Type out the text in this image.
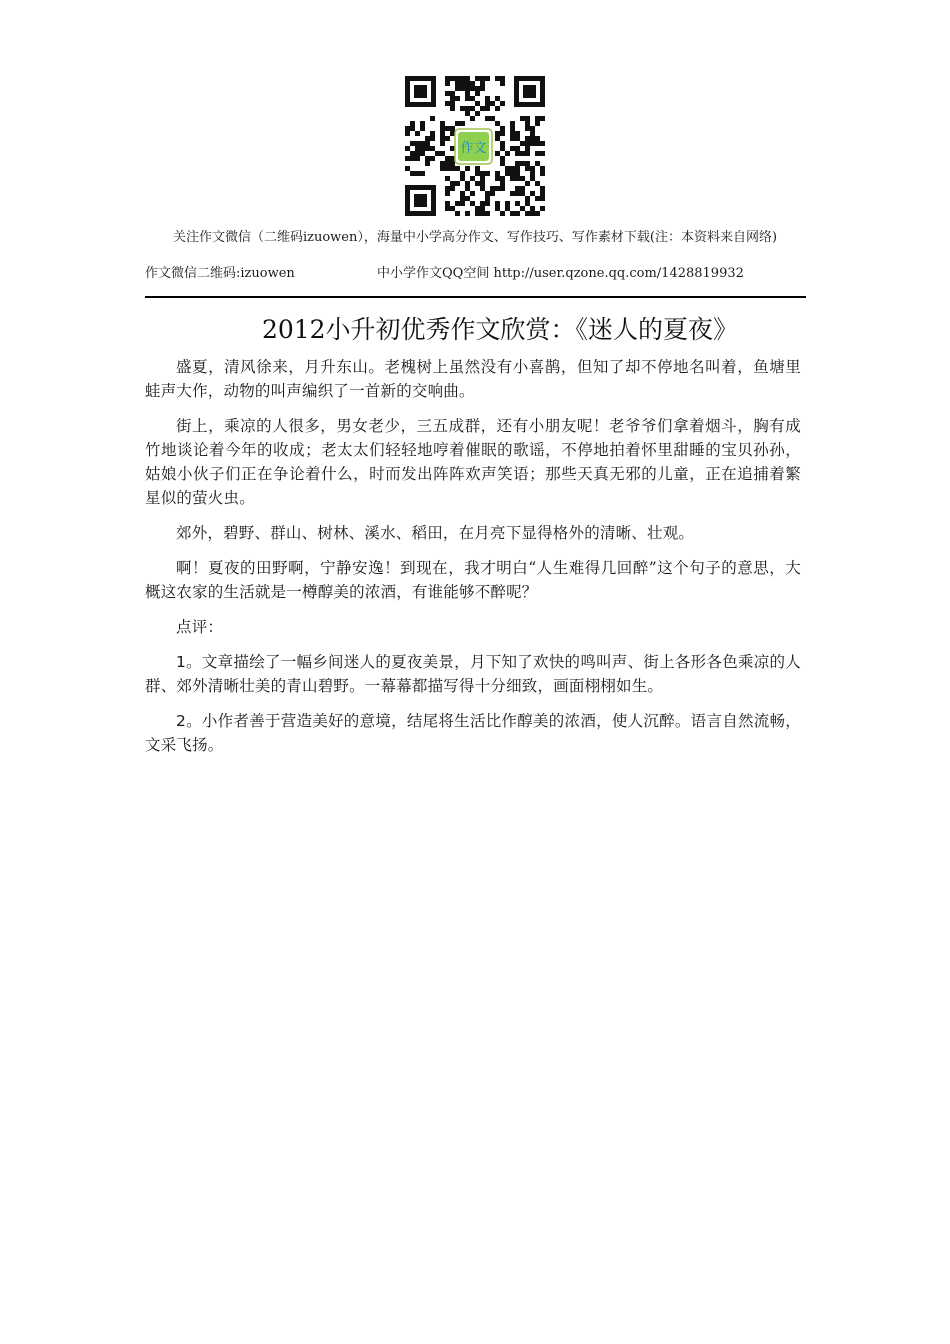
作文
关注作文微信（二维码izuowen），海量中小学高分作文、写作技巧、写作素材下载(注：本资料来自网络)
作文微信二维码:izuowen	中小学作文QQ空间 http://user.qzone.qq.com/1428819932
2012小升初优秀作文欣赏：《迷人的夏夜》

盛夏，清风徐来，月升东山。老槐树上虽然没有小喜鹊，但知了却不停地名叫着，鱼塘里蛙声大作，动物的叫声编织了一首新的交响曲。

街上，乘凉的人很多，男女老少，三五成群，还有小朋友呢！老爷爷们拿着烟斗，胸有成竹地谈论着今年的收成；老太太们轻轻地哼着催眠的歌谣，不停地拍着怀里甜睡的宝贝孙孙，姑娘小伙子们正在争论着什么，时而发出阵阵欢声笑语；那些天真无邪的儿童，正在追捕着繁星似的萤火虫。

郊外，碧野、群山、树林、溪水、稻田，在月亮下显得格外的清晰、壮观。

啊！夏夜的田野啊，宁静安逸！到现在，我才明白“人生难得几回醉”这个句子的意思，大概这农家的生活就是一樽醇美的浓酒，有谁能够不醉呢？

点评：

1。文章描绘了一幅乡间迷人的夏夜美景，月下知了欢快的鸣叫声、街上各形各色乘凉的人群、郊外清晰壮美的青山碧野。一幕幕都描写得十分细致，画面栩栩如生。

2。小作者善于营造美好的意境，结尾将生活比作醇美的浓酒，使人沉醉。语言自然流畅，文采飞扬。
